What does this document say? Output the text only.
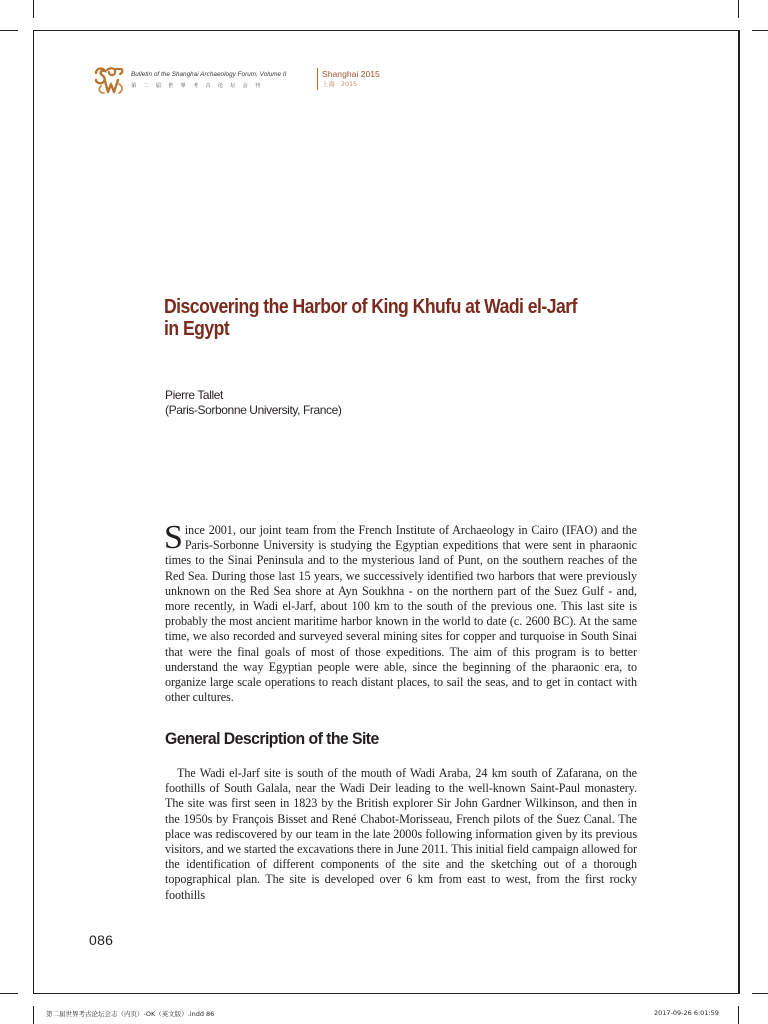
Bulletin of the Shanghai Archaeology Forum, Volume II
第二届世界考古论坛会刊
Shanghai 2015
上海 · 2015
Discovering the Harbor of King Khufu at Wadi el-Jarf in Egypt
Pierre Tallet
(Paris-Sorbonne University, France)

Since 2001, our joint team from the French Institute of Archaeology in Cairo (IFAO) and the Paris-Sorbonne University is studying the Egyptian expeditions that were sent in pharaonic times to the Sinai Peninsula and to the mysterious land of Punt, on the southern reaches of the Red Sea. During those last 15 years, we successively identified two harbors that were previously unknown on the Red Sea shore at Ayn Soukhna - on the northern part of the Suez Gulf - and, more recently, in Wadi el-Jarf, about 100 km to the south of the previous one. This last site is probably the most ancient maritime harbor known in the world to date (c. 2600 BC). At the same time, we also recorded and surveyed several mining sites for copper and turquoise in South Sinai that were the final goals of most of those expeditions. The aim of this program is to better understand the way Egyptian people were able, since the beginning of the pharaonic era, to organize large scale operations to reach distant places, to sail the seas, and to get in contact with other cultures.

General Description of the Site

The Wadi el-Jarf site is south of the mouth of Wadi Araba, 24 km south of Zafarana, on the foothills of South Galala, near the Wadi Deir leading to the well-known Saint-Paul monastery. The site was first seen in 1823 by the British explorer Sir John Gardner Wilkinson, and then in the 1950s by François Bisset and René Chabot-Morisseau, French pilots of the Suez Canal. The place was rediscovered by our team in the late 2000s following information given by its previous visitors, and we started the excavations there in June 2011. This initial field campaign allowed for the identification of different components of the site and the sketching out of a thorough topographical plan. The site is developed over 6 km from east to west, from the first rocky foothills

086
第二届世界考古论坛会志（内页）-OK（英文版）.indd 86	2017-09-26 6:01:59
